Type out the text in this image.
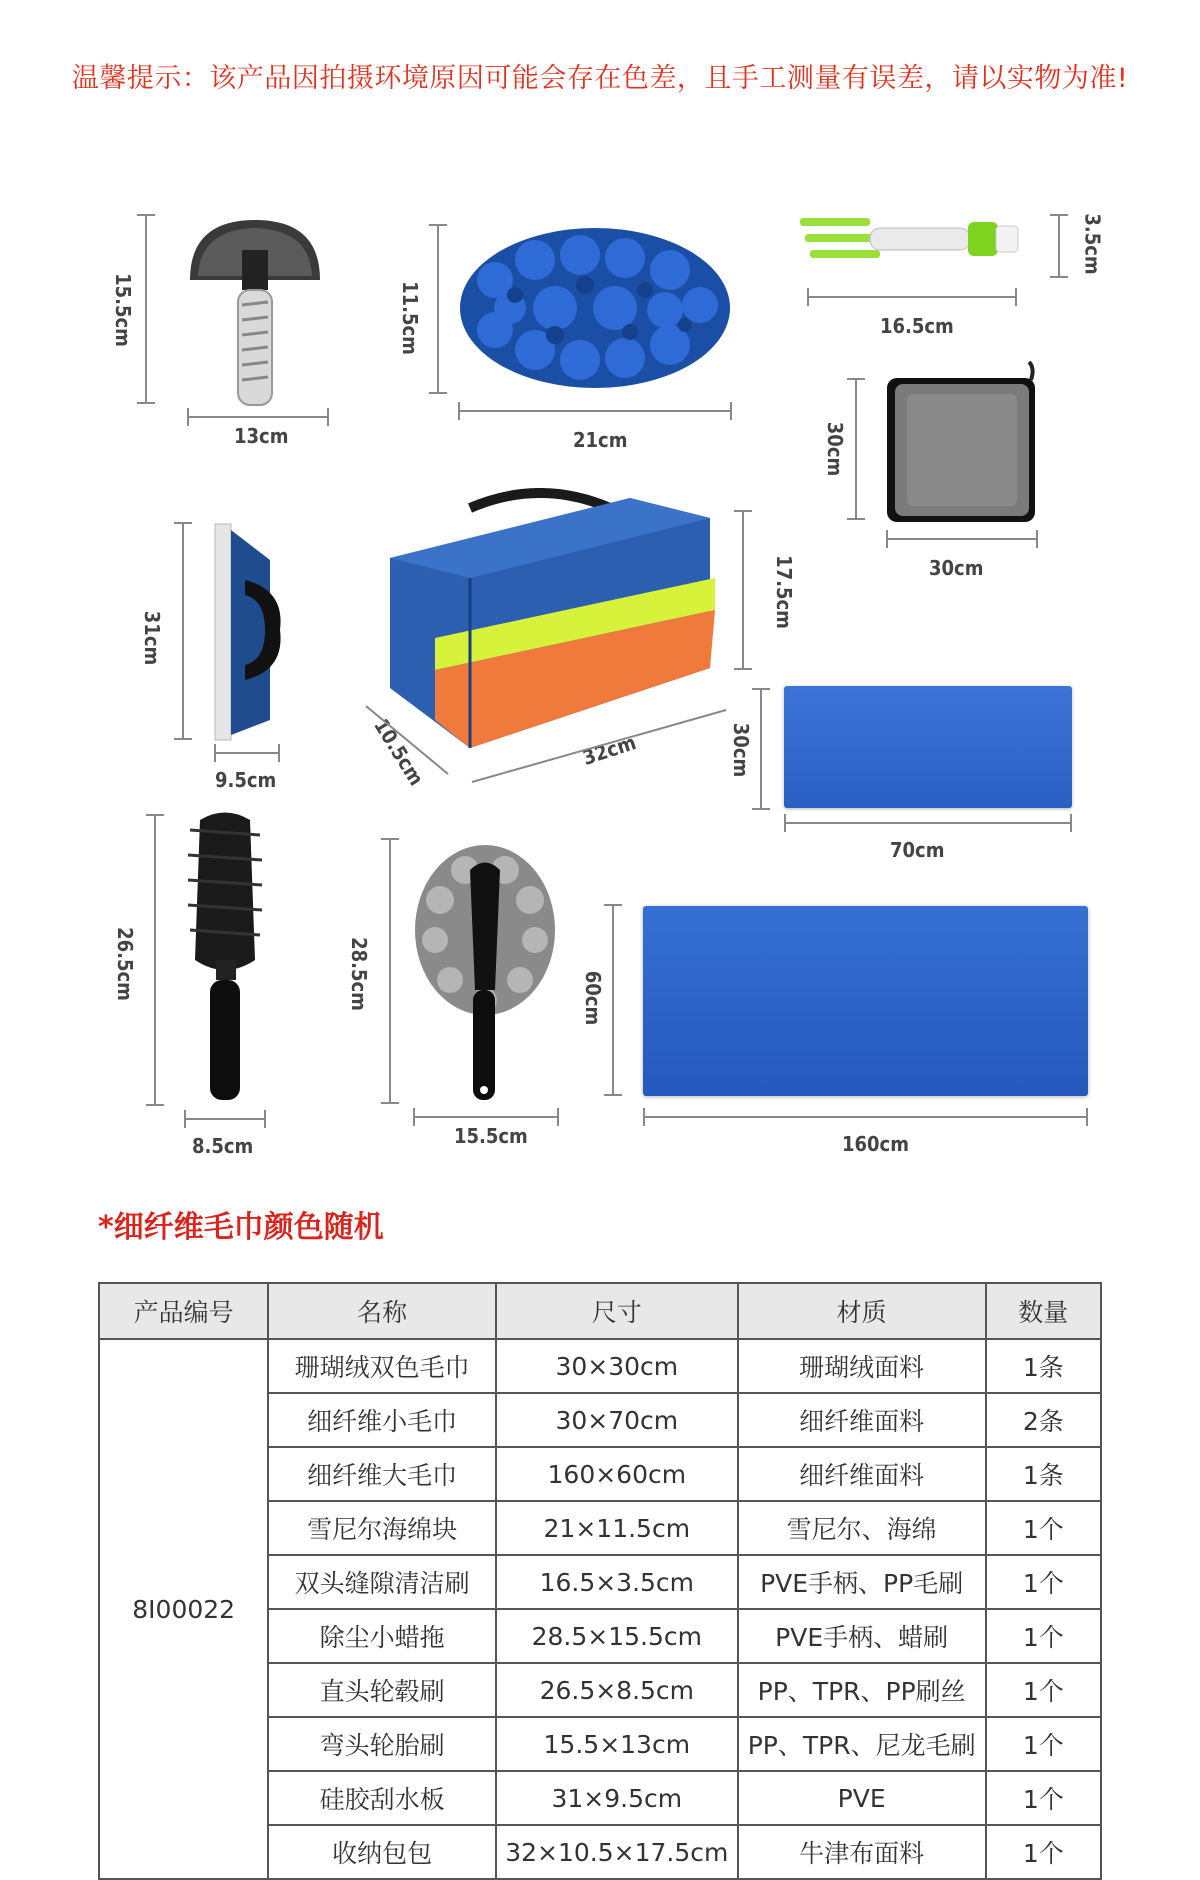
温馨提示：该产品因拍摄环境原因可能会存在色差，且手工测量有误差，请以实物为准!
15.5cm
13cm
11.5cm
21cm
3.5cm
16.5cm
30cm
30cm
31cm
9.5cm
17.5cm
10.5cm	32cm	30cm
70cm
26.5cm
8.5cm
28.5cm
15.5cm
60cm
160cm
*细纤维毛巾颜色随机
产品编号	名称	尺寸	材质	数量
8I00022	珊瑚绒双色毛巾	30×30cm	珊瑚绒面料	1条
	细纤维小毛巾	30×70cm	细纤维面料	2条
	细纤维大毛巾	160×60cm	细纤维面料	1条
	雪尼尔海绵块	21×11.5cm	雪尼尔、海绵	1个
	双头缝隙清洁刷	16.5×3.5cm	PVE手柄、PP毛刷	1个
	除尘小蜡拖	28.5×15.5cm	PVE手柄、蜡刷	1个
	直头轮毂刷	26.5×8.5cm	PP、TPR、PP刷丝	1个
	弯头轮胎刷	15.5×13cm	PP、TPR、尼龙毛刷	1个
	硅胶刮水板	31×9.5cm	PVE	1个
	收纳包包	32×10.5×17.5cm	牛津布面料	1个
